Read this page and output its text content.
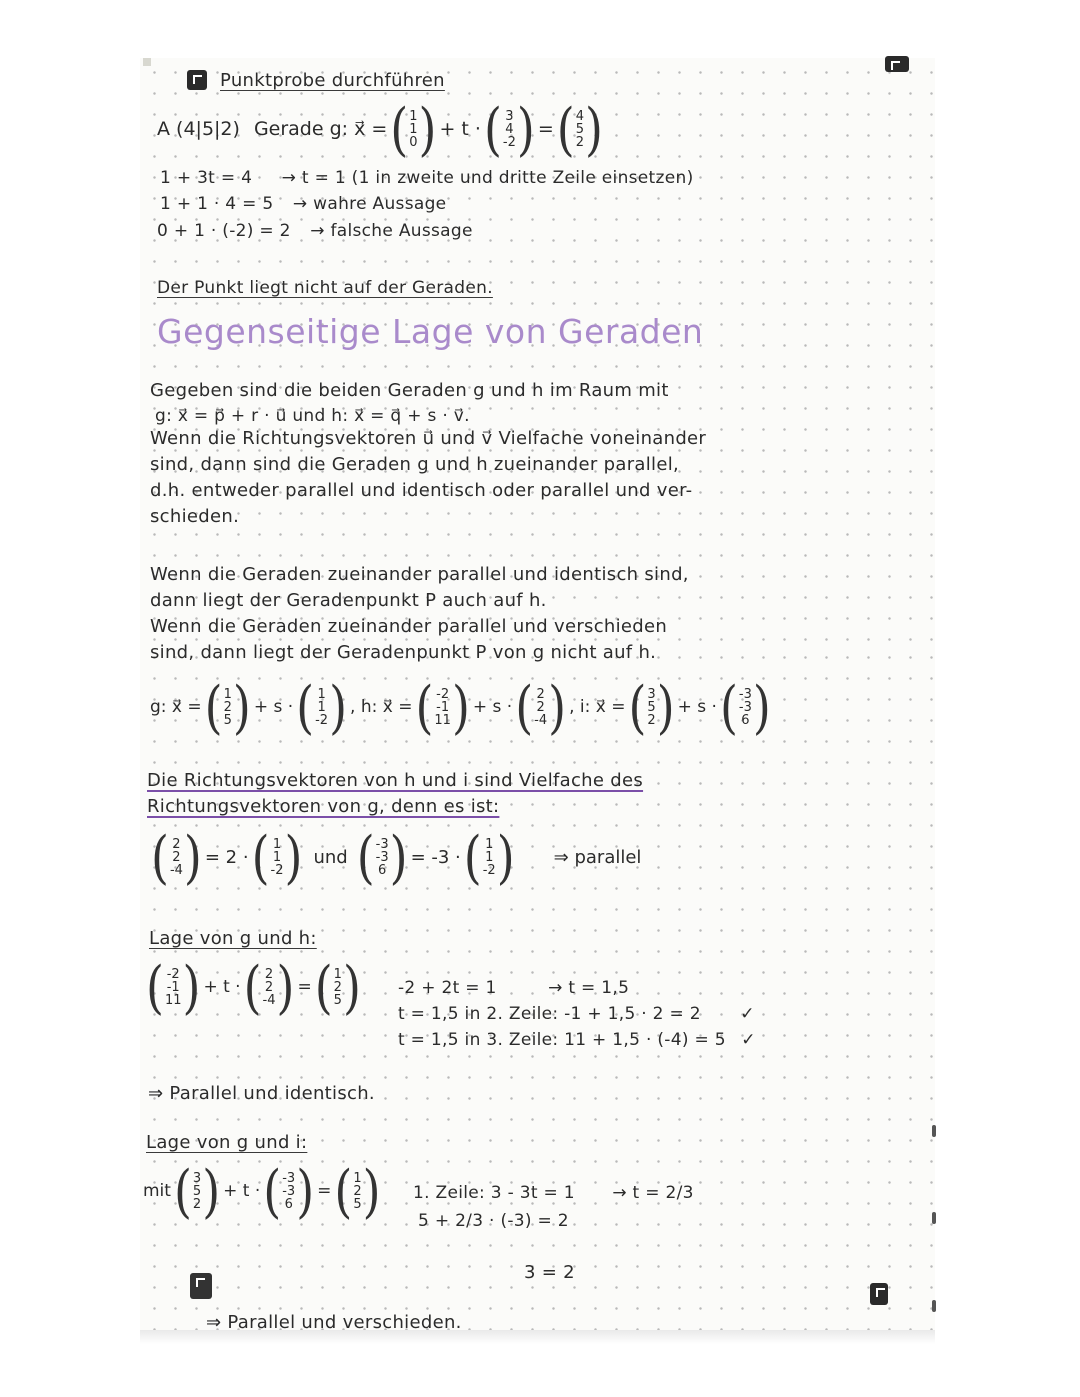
Punktprobe durchführen
A (4|5|2) Gerade g: x⃗ = ( 1
1
0 ) + t · ( 3
4
-2 ) = ( 4
5
2 )
1 + 3t = 4 → t = 1 (1 in zweite und dritte Zeile einsetzen)
1 + 1 · 4 = 5 → wahre Aussage
0 + 1 · (-2) = 2 → falsche Aussage
Der Punkt liegt nicht auf der Geraden.
Gegenseitige Lage von Geraden
Gegeben sind die beiden Geraden g und h im Raum mit
g: x⃗ = p⃗ + r · u⃗ und h: x⃗ = q⃗ + s · v⃗.
Wenn die Richtungsvektoren u⃗ und v⃗ Vielfache voneinander
sind, dann sind die Geraden g und h zueinander parallel,
d.h. entweder parallel und identisch oder parallel und ver-
schieden.
Wenn die Geraden zueinander parallel und identisch sind,
dann liegt der Geradenpunkt P auch auf h.
Wenn die Geraden zueinander parallel und verschieden
sind, dann liegt der Geradenpunkt P von g nicht auf h.
g: x⃗ = ( 1
2
5 ) + s · ( 1
1
-2 ) , h: x⃗ = ( -2
-1
11 ) + s · ( 2
2
-4 ) , i: x⃗ = ( 3
5
2 ) + s · ( -3
-3
6 )
Die Richtungsvektoren von h und i sind Vielfache des
Richtungsvektoren von g, denn es ist:
( 2
2
-4 ) = 2 · ( 1
1
-2 ) und ( -3
-3
6 ) = -3 · ( 1
1
-2 ) ⇒ parallel
Lage von g und h:
( -2
-1
11 ) + t · ( 2
2
-4 ) = ( 1
2
5 ) -2 + 2t = 1	→ t = 1,5
t = 1,5 in 2. Zeile: -1 + 1,5 · 2 = 2 ✓
t = 1,5 in 3. Zeile: 11 + 1,5 · (-4) = 5 ✓
⇒ Parallel und identisch.
Lage von g und i:
mit ( 3
5
2 ) + t · ( -3
-3
6 ) = ( 1
2
5 ) 1. Zeile: 3 - 3t = 1 → t = 2/3
5 + 2/3 · (-3) = 2
3 = 2
⇒ Parallel und verschieden.
